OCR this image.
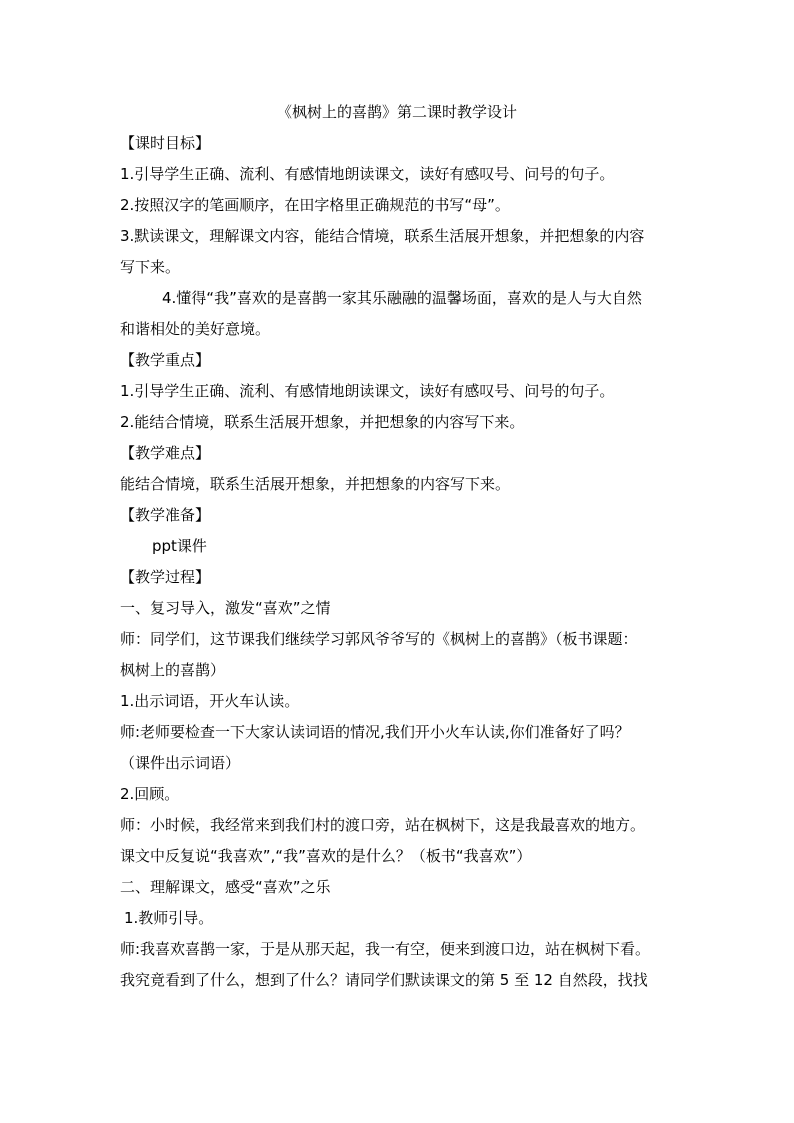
《枫树上的喜鹊》第二课时教学设计
【课时目标】
1.引导学生正确、流利、有感情地朗读课文，读好有感叹号、问号的句子。
2.按照汉字的笔画顺序，在田字格里正确规范的书写“母”。
3.默读课文，理解课文内容，能结合情境，联系生活展开想象，并把想象的内容
写下来。
4.懂得“我”喜欢的是喜鹊一家其乐融融的温馨场面，喜欢的是人与大自然
和谐相处的美好意境。
【教学重点】
1.引导学生正确、流利、有感情地朗读课文，读好有感叹号、问号的句子。
2.能结合情境，联系生活展开想象，并把想象的内容写下来。
【教学难点】
能结合情境，联系生活展开想象，并把想象的内容写下来。
【教学准备】
ppt课件
【教学过程】
一、复习导入，激发“喜欢”之情
师：同学们，这节课我们继续学习郭风爷爷写的《枫树上的喜鹊》（板书课题：
枫树上的喜鹊）
1.出示词语，开火车认读。
师:老师要检查一下大家认读词语的情况,我们开小火车认读,你们准备好了吗？
（课件出示词语）
2.回顾。
师：小时候，我经常来到我们村的渡口旁，站在枫树下，这是我最喜欢的地方。
课文中反复说“我喜欢”,“我”喜欢的是什么？（板书“我喜欢”）
二、理解课文，感受“喜欢”之乐
1.教师引导。
师:我喜欢喜鹊一家，于是从那天起，我一有空，便来到渡口边，站在枫树下看。
我究竟看到了什么，想到了什么？请同学们默读课文的第 5 至 12 自然段，找找
